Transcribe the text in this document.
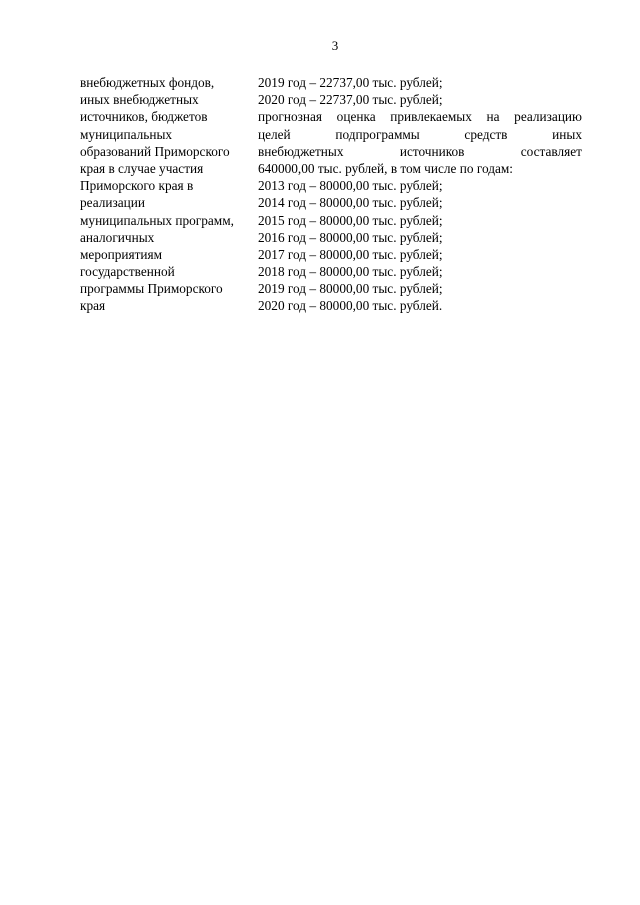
3
внебюджетных фондов,
иных внебюджетных
источников, бюджетов
муниципальных
образований Приморского
края в случае участия
Приморского края в
реализации
муниципальных программ,
аналогичных
мероприятиям
государственной
программы Приморского
края
2019 год – 22737,00 тыс. рублей;
2020 год – 22737,00 тыс. рублей;
прогнозная оценка привлекаемых на реализацию
целей подпрограммы средств иных
внебюджетных источников составляет
640000,00 тыс. рублей, в том числе по годам:
2013 год – 80000,00 тыс. рублей;
2014 год – 80000,00 тыс. рублей;
2015 год – 80000,00 тыс. рублей;
2016 год – 80000,00 тыс. рублей;
2017 год – 80000,00 тыс. рублей;
2018 год – 80000,00 тыс. рублей;
2019 год – 80000,00 тыс. рублей;
2020 год – 80000,00 тыс. рублей.
